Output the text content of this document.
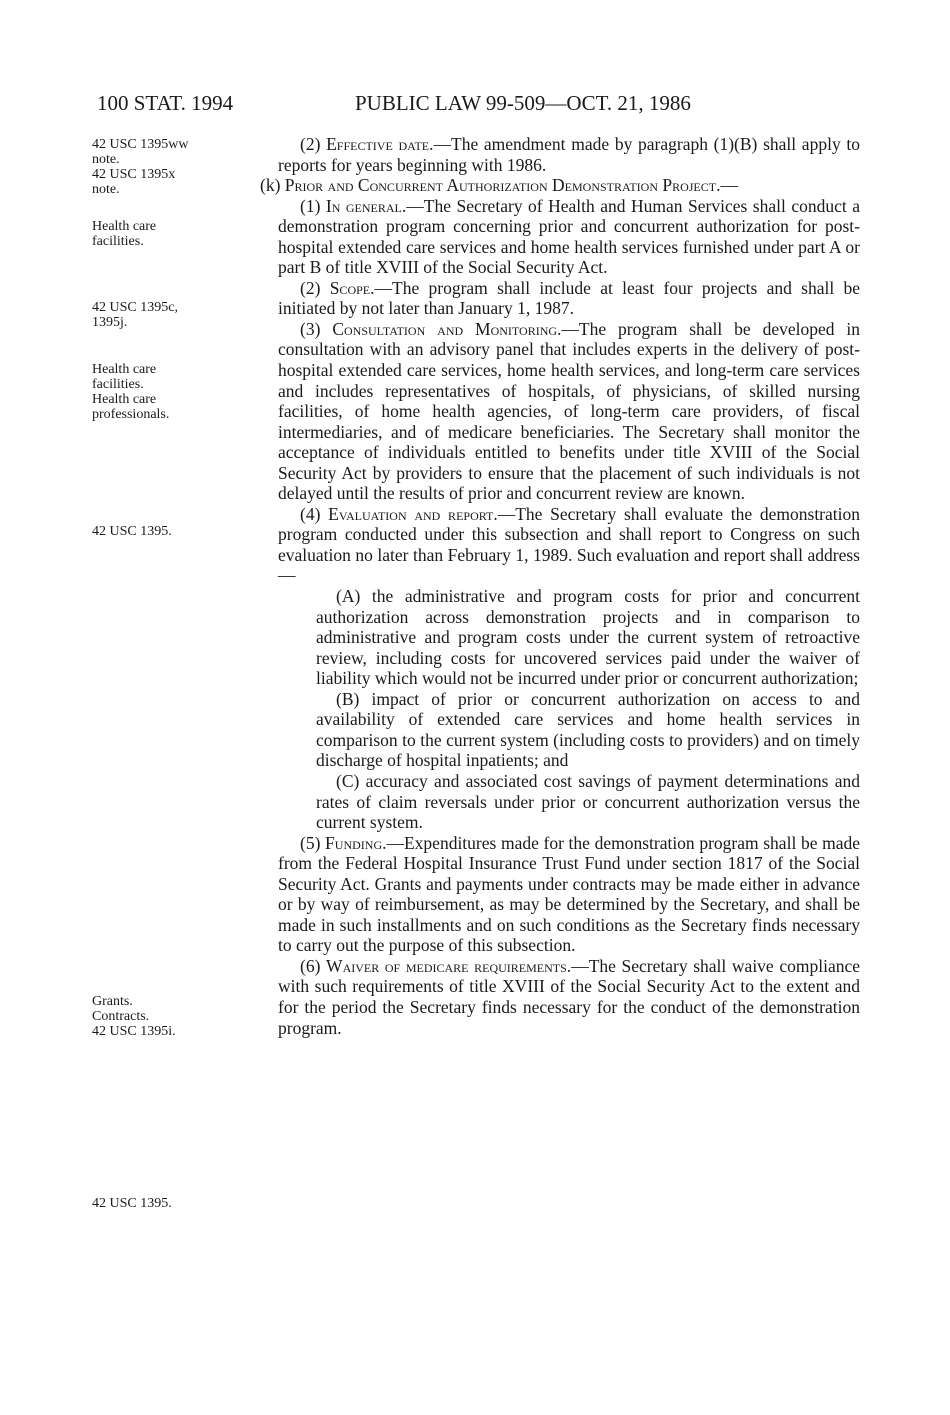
100 STAT. 1994	PUBLIC LAW 99-509—OCT. 21, 1986
42 USC 1395ww
note.
42 USC 1395x
note.
Health care
facilities.
42 USC 1395c,
1395j.
Health care
facilities.
Health care
professionals.
42 USC 1395.
Grants.
Contracts.
42 USC 1395i.
42 USC 1395.

(2) Effective date.—The amendment made by paragraph (1)(B) shall apply to reports for years beginning with 1986.

(k) Prior and Concurrent Authorization Demonstration Project.—

(1) In general.—The Secretary of Health and Human Services shall conduct a demonstration program concerning prior and concurrent authorization for post-hospital extended care services and home health services furnished under part A or part B of title XVIII of the Social Security Act.

(2) Scope.—The program shall include at least four projects and shall be initiated by not later than January 1, 1987.

(3) Consultation and Monitoring.—The program shall be developed in consultation with an advisory panel that includes experts in the delivery of post-hospital extended care services, home health services, and long-term care services and includes representatives of hospitals, of physicians, of skilled nursing facilities, of home health agencies, of long-term care providers, of fiscal intermediaries, and of medicare beneficiaries. The Secretary shall monitor the acceptance of individuals entitled to benefits under title XVIII of the Social Security Act by providers to ensure that the placement of such individuals is not delayed until the results of prior and concurrent review are known.

(4) Evaluation and report.—The Secretary shall evaluate the demonstration program conducted under this subsection and shall report to Congress on such evaluation no later than February 1, 1989. Such evaluation and report shall address—

(A) the administrative and program costs for prior and concurrent authorization across demonstration projects and in comparison to administrative and program costs under the current system of retroactive review, including costs for uncovered services paid under the waiver of liability which would not be incurred under prior or concurrent authorization;

(B) impact of prior or concurrent authorization on access to and availability of extended care services and home health services in comparison to the current system (including costs to providers) and on timely discharge of hospital inpatients; and

(C) accuracy and associated cost savings of payment determinations and rates of claim reversals under prior or concurrent authorization versus the current system.

(5) Funding.—Expenditures made for the demonstration program shall be made from the Federal Hospital Insurance Trust Fund under section 1817 of the Social Security Act. Grants and payments under contracts may be made either in advance or by way of reimbursement, as may be determined by the Secretary, and shall be made in such installments and on such conditions as the Secretary finds necessary to carry out the purpose of this subsection.

(6) Waiver of medicare requirements.—The Secretary shall waive compliance with such requirements of title XVIII of the Social Security Act to the extent and for the period the Secretary finds necessary for the conduct of the demonstration program.
